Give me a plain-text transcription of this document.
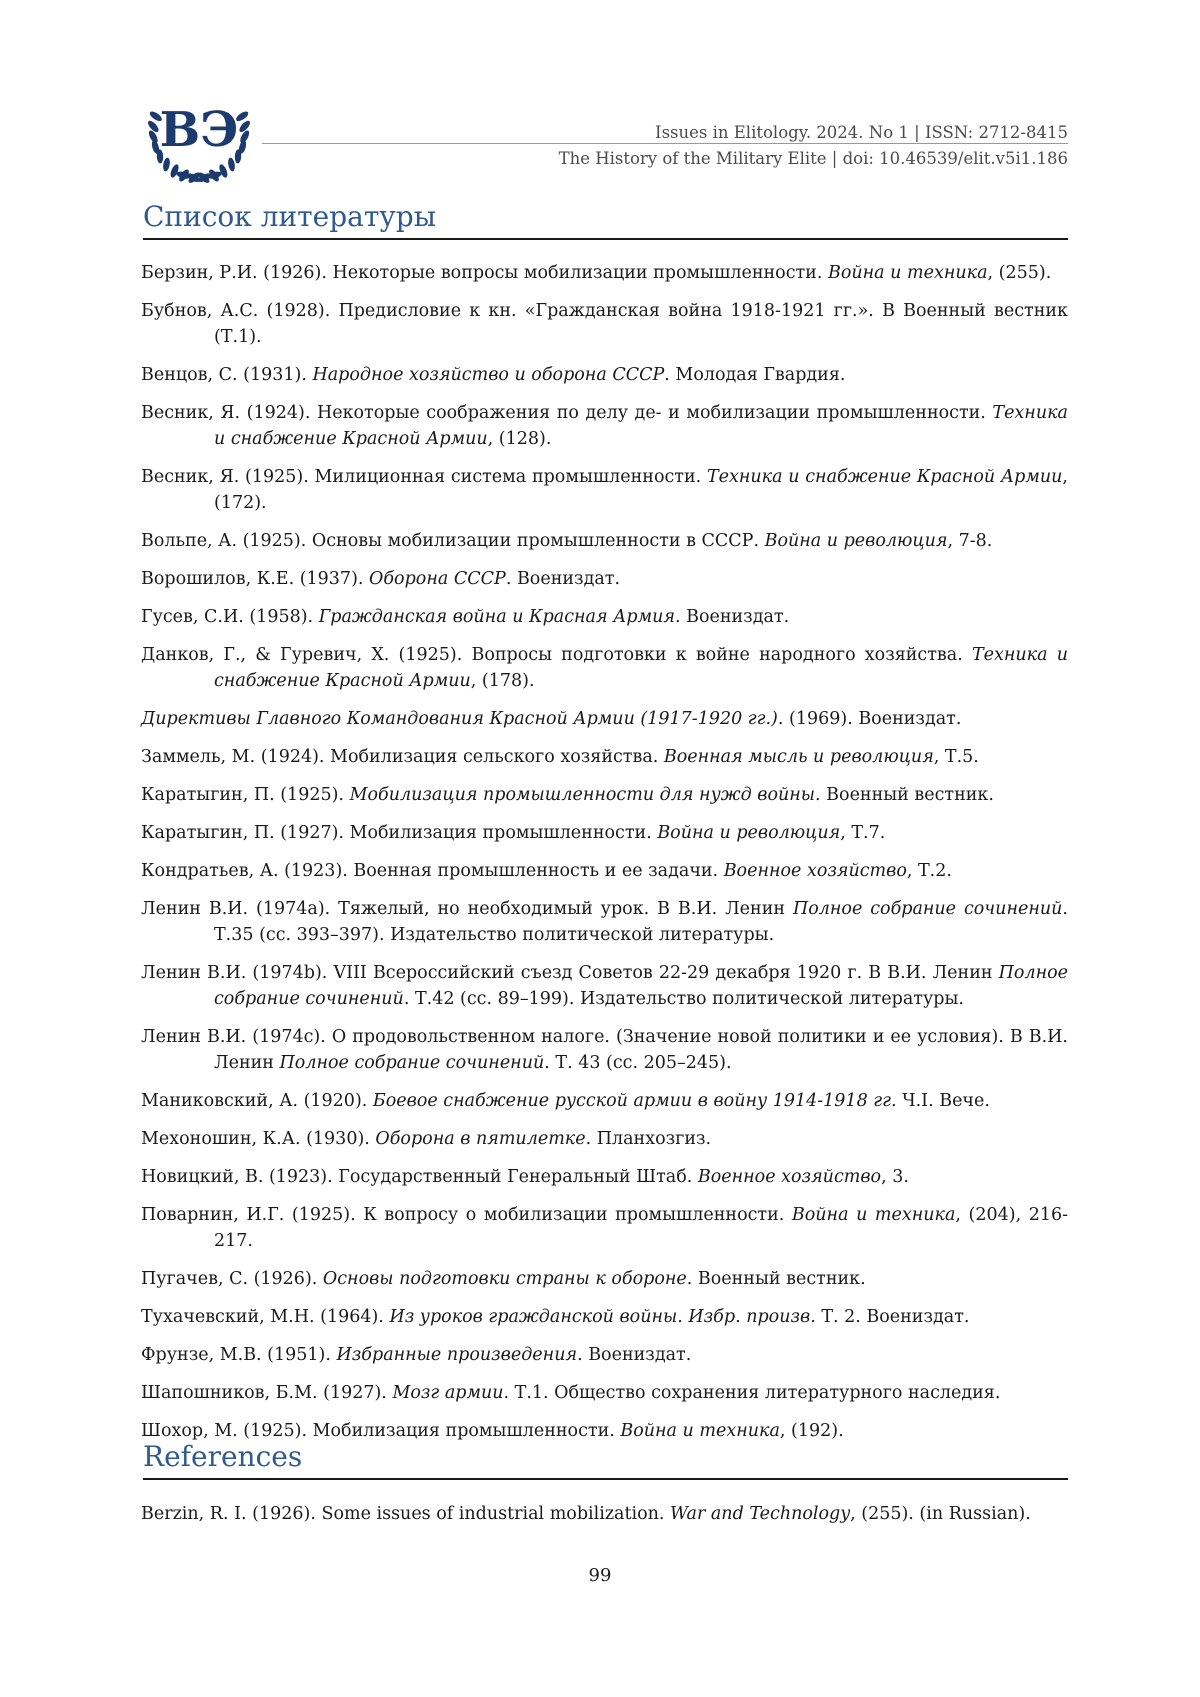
ВЭ	Issues in Elitology. 2024. No 1 | ISSN: 2712-8415
The History of the Military Elite | doi: 10.46539/elit.v5i1.186
Список литературы

Берзин, Р.И. (1926). Некоторые вопросы мобилизации промышленности. Война и техника, (255).

Бубнов, А.С. (1928). Предисловие к кн. «Гражданская война 1918-1921 гг.». В Военный вестник (Т.1).

Венцов, С. (1931). Народное хозяйство и оборона СССР. Молодая Гвардия.

Весник, Я. (1924). Некоторые соображения по делу де- и мобилизации промышленности. Техника и снабжение Красной Армии, (128).

Весник, Я. (1925). Милиционная система промышленности. Техника и снабжение Красной Армии, (172).

Вольпе, А. (1925). Основы мобилизации промышленности в СССР. Война и революция, 7-8.

Ворошилов, К.Е. (1937). Оборона СССР. Воениздат.

Гусев, С.И. (1958). Гражданская война и Красная Армия. Воениздат.

Данков, Г., & Гуревич, Х. (1925). Вопросы подготовки к войне народного хозяйства. Техника и снабжение Красной Армии, (178).

Директивы Главного Командования Красной Армии (1917-1920 гг.). (1969). Воениздат.

Заммель, М. (1924). Мобилизация сельского хозяйства. Военная мысль и революция, Т.5.

Каратыгин, П. (1925). Мобилизация промышленности для нужд войны. Военный вестник.

Каратыгин, П. (1927). Мобилизация промышленности. Война и революция, Т.7.

Кондратьев, А. (1923). Военная промышленность и ее задачи. Военное хозяйство, Т.2.

Ленин В.И. (1974a). Тяжелый, но необходимый урок. В В.И. Ленин Полное собрание сочинений. Т.35 (сс. 393–397). Издательство политической литературы.

Ленин В.И. (1974b). VIII Всероссийский съезд Советов 22-29 декабря 1920 г. В В.И. Ленин Полное собрание сочинений. Т.42 (сс. 89–199). Издательство политической литературы.

Ленин В.И. (1974c). О продовольственном налоге. (Значение новой политики и ее условия). В В.И. Ленин Полное собрание сочинений. Т. 43 (сс. 205–245).

Маниковский, А. (1920). Боевое снабжение русской армии в войну 1914-1918 гг. Ч.I. Вече.

Мехоношин, К.А. (1930). Оборона в пятилетке. Планхозгиз.

Новицкий, В. (1923). Государственный Генеральный Штаб. Военное хозяйство, 3.

Поварнин, И.Г. (1925). К вопросу о мобилизации промышленности. Война и техника, (204), 216-217.

Пугачев, С. (1926). Основы подготовки страны к обороне. Военный вестник.

Тухачевский, М.Н. (1964). Из уроков гражданской войны. Избр. произв. Т. 2. Воениздат.

Фрунзе, М.В. (1951). Избранные произведения. Воениздат.

Шапошников, Б.М. (1927). Мозг армии. Т.1. Общество сохранения литературного наследия.

Шохор, М. (1925). Мобилизация промышленности. Война и техника, (192).

References

Berzin, R. I. (1926). Some issues of industrial mobilization. War and Technology, (255). (in Russian).

99
